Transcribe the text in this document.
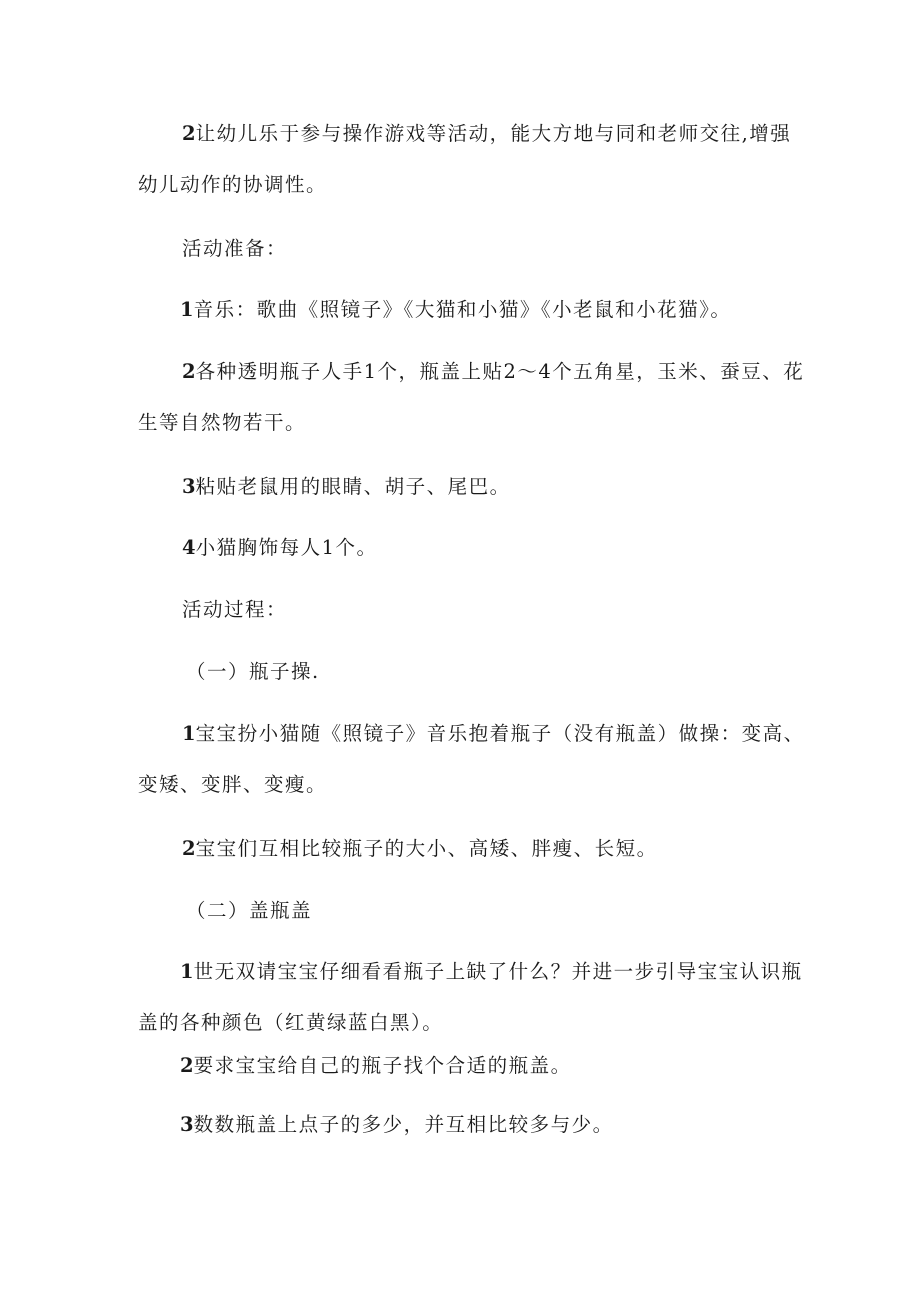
2让幼儿乐于参与操作游戏等活动，能大方地与同和老师交往,增强
幼儿动作的协调性。
活动准备：
1音乐：歌曲《照镜子》《大猫和小猫》《小老鼠和小花猫》。
2各种透明瓶子人手1个，瓶盖上贴2～4个五角星，玉米、蚕豆、花
生等自然物若干。
3粘贴老鼠用的眼睛、胡子、尾巴。
4小猫胸饰每人1个。
活动过程：
（一）瓶子操.
1宝宝扮小猫随《照镜子》音乐抱着瓶子（没有瓶盖）做操：变高、
变矮、变胖、变瘦。
2宝宝们互相比较瓶子的大小、高矮、胖瘦、长短。
（二）盖瓶盖
1世无双请宝宝仔细看看瓶子上缺了什么？并进一步引导宝宝认识瓶
盖的各种颜色（红黄绿蓝白黑）。
2要求宝宝给自己的瓶子找个合适的瓶盖。
3数数瓶盖上点子的多少，并互相比较多与少。
